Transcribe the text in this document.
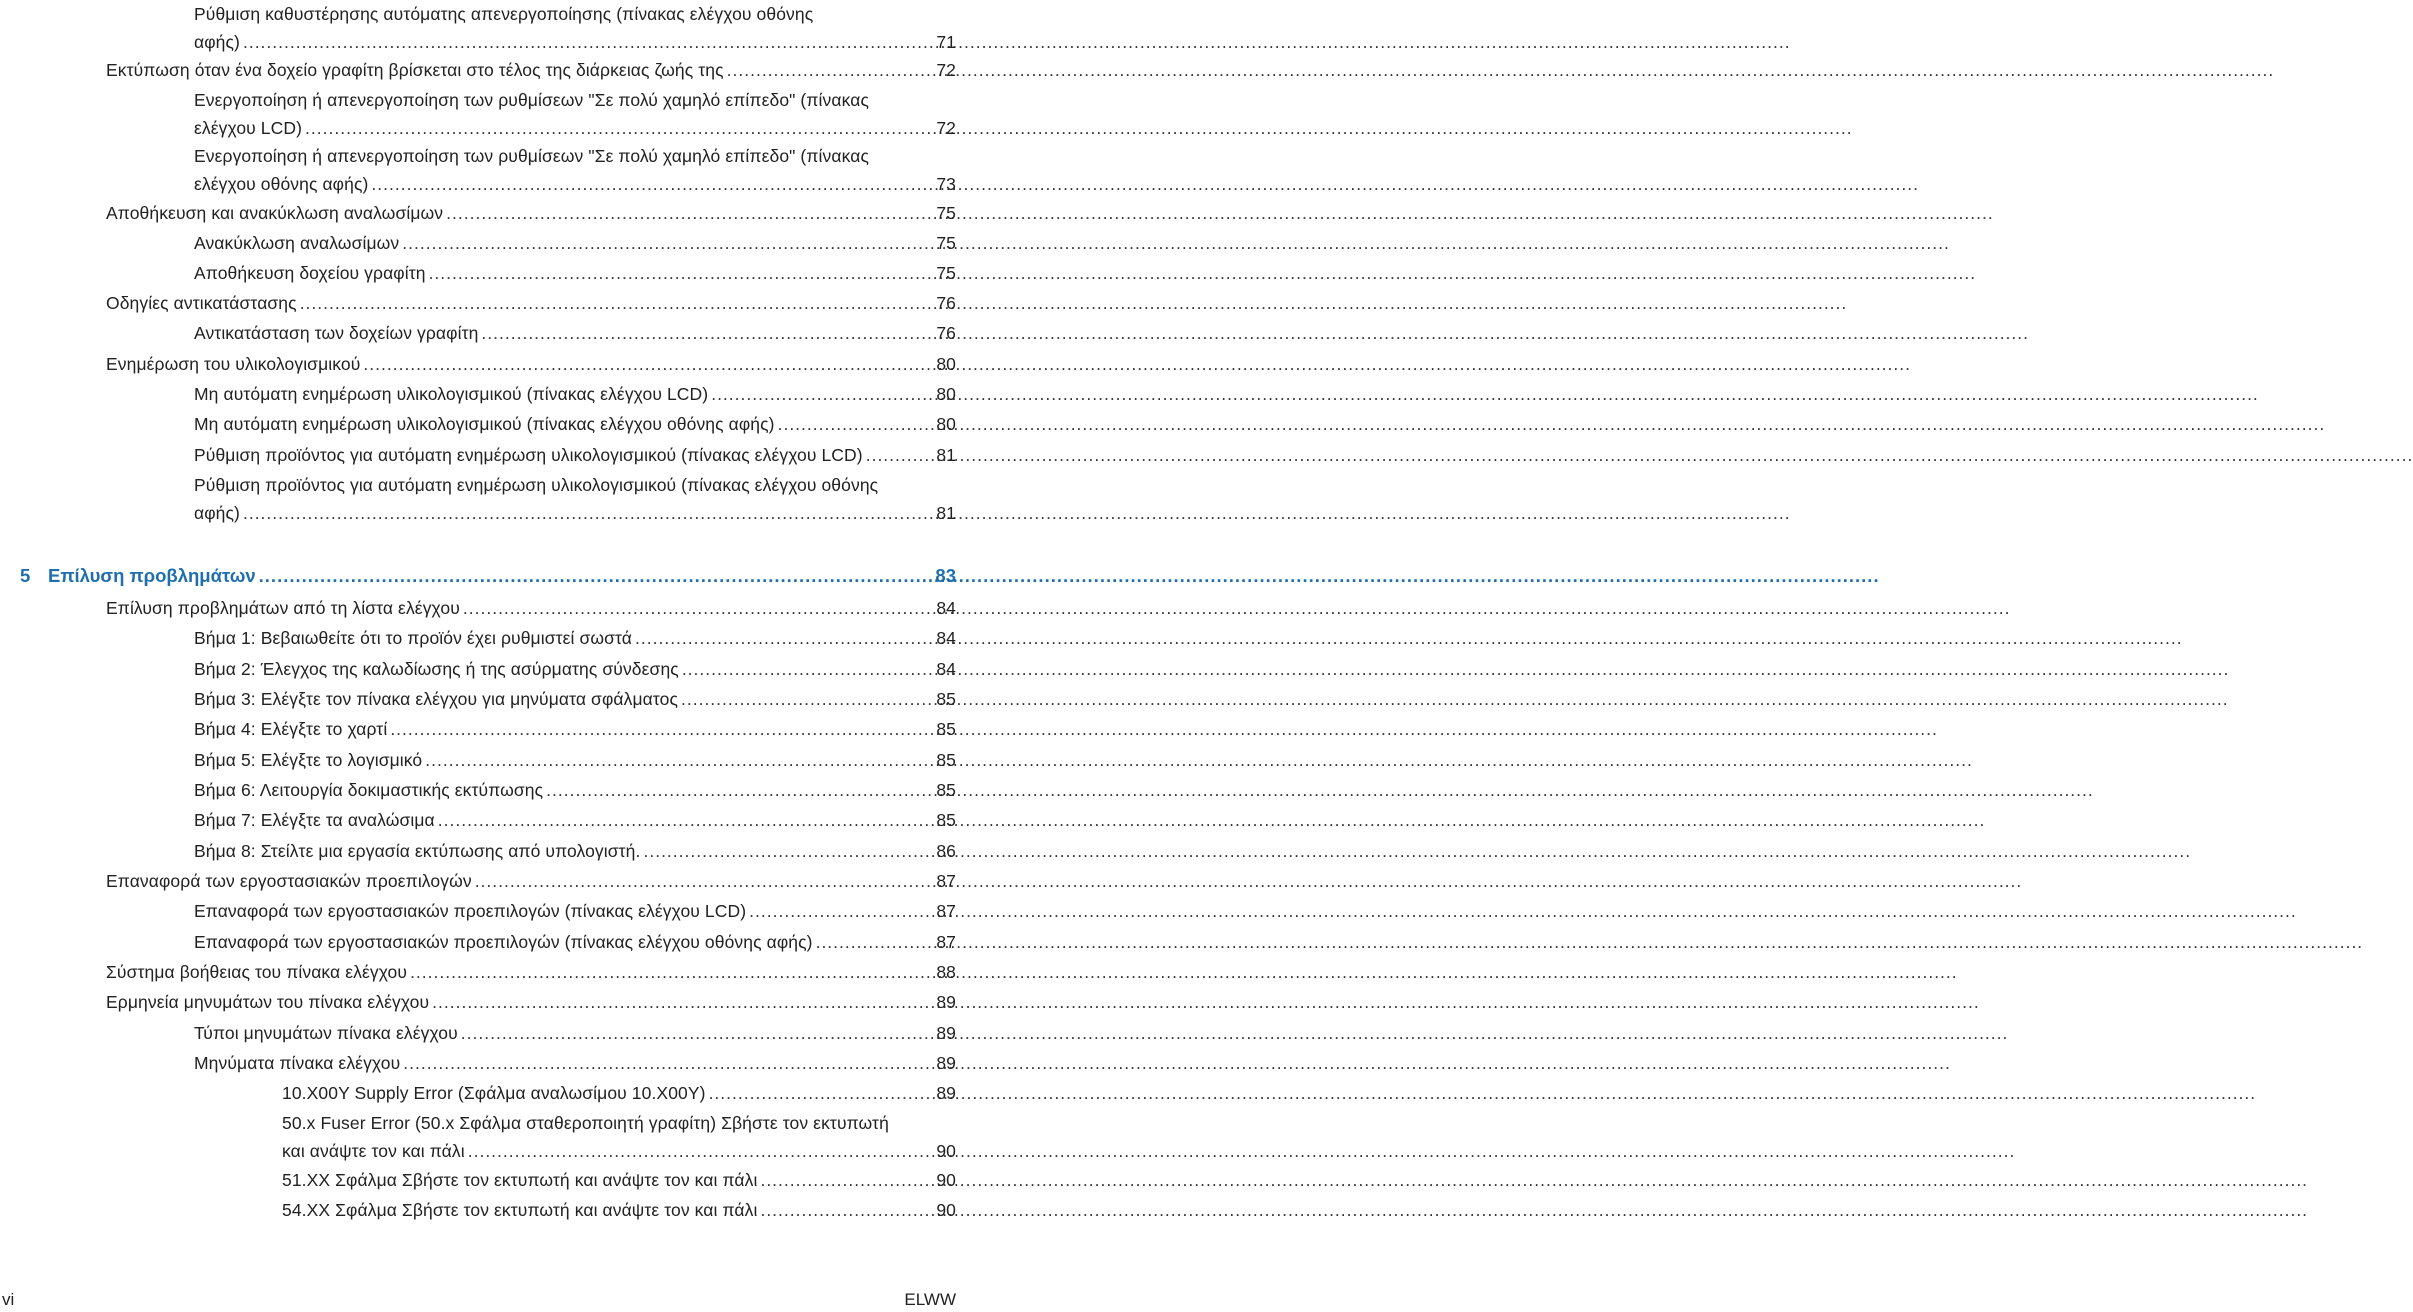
Ρύθμιση καθυστέρησης αυτόματης απενεργοποίησης (πίνακας ελέγχου οθόνης
αφής) .....	71
Εκτύπωση όταν ένα δοχείο γραφίτη βρίσκεται στο τέλος της διάρκειας ζωής της .....	72
Ενεργοποίηση ή απενεργοποίηση των ρυθμίσεων "Σε πολύ χαμηλό επίπεδο" (πίνακας
ελέγχου LCD) .....	72
Ενεργοποίηση ή απενεργοποίηση των ρυθμίσεων "Σε πολύ χαμηλό επίπεδο" (πίνακας
ελέγχου οθόνης αφής) .....	73
Αποθήκευση και ανακύκλωση αναλωσίμων .....	75
Ανακύκλωση αναλωσίμων .....	75
Αποθήκευση δοχείου γραφίτη .....	75
Οδηγίες αντικατάστασης .....	76
Αντικατάσταση των δοχείων γραφίτη .....	76
Ενημέρωση του υλικολογισμικού .....	80
Μη αυτόματη ενημέρωση υλικολογισμικού (πίνακας ελέγχου LCD) .....	80
Μη αυτόματη ενημέρωση υλικολογισμικού (πίνακας ελέγχου οθόνης αφής) .....	80
Ρύθμιση προϊόντος για αυτόματη ενημέρωση υλικολογισμικού (πίνακας ελέγχου LCD) .....	81
Ρύθμιση προϊόντος για αυτόματη ενημέρωση υλικολογισμικού (πίνακας ελέγχου οθόνης
αφής) .....	81
5 Επίλυση προβλημάτων .....	83
Επίλυση προβλημάτων από τη λίστα ελέγχου .....	84
Βήμα 1: Βεβαιωθείτε ότι το προϊόν έχει ρυθμιστεί σωστά .....	84
Βήμα 2: Έλεγχος της καλωδίωσης ή της ασύρματης σύνδεσης .....	84
Βήμα 3: Ελέγξτε τον πίνακα ελέγχου για μηνύματα σφάλματος .....	85
Βήμα 4: Ελέγξτε το χαρτί .....	85
Βήμα 5: Ελέγξτε το λογισμικό .....	85
Βήμα 6: Λειτουργία δοκιμαστικής εκτύπωσης .....	85
Βήμα 7: Ελέγξτε τα αναλώσιμα .....	85
Βήμα 8: Στείλτε μια εργασία εκτύπωσης από υπολογιστή. .....	86
Επαναφορά των εργοστασιακών προεπιλογών .....	87
Επαναφορά των εργοστασιακών προεπιλογών (πίνακας ελέγχου LCD) .....	87
Επαναφορά των εργοστασιακών προεπιλογών (πίνακας ελέγχου οθόνης αφής) .....	87
Σύστημα βοήθειας του πίνακα ελέγχου .....	88
Ερμηνεία μηνυμάτων του πίνακα ελέγχου .....	89
Τύποι μηνυμάτων πίνακα ελέγχου .....	89
Μηνύματα πίνακα ελέγχου .....	89
10.X00Y Supply Error (Σφάλμα αναλωσίμου 10.X00Y) .....	89
50.x Fuser Error (50.x Σφάλμα σταθεροποιητή γραφίτη) Σβήστε τον εκτυπωτή
και ανάψτε τον και πάλι .....	90
51.XX Σφάλμα Σβήστε τον εκτυπωτή και ανάψτε τον και πάλι .....	90
54.XX Σφάλμα Σβήστε τον εκτυπωτή και ανάψτε τον και πάλι .....	90
vi	ELWW
